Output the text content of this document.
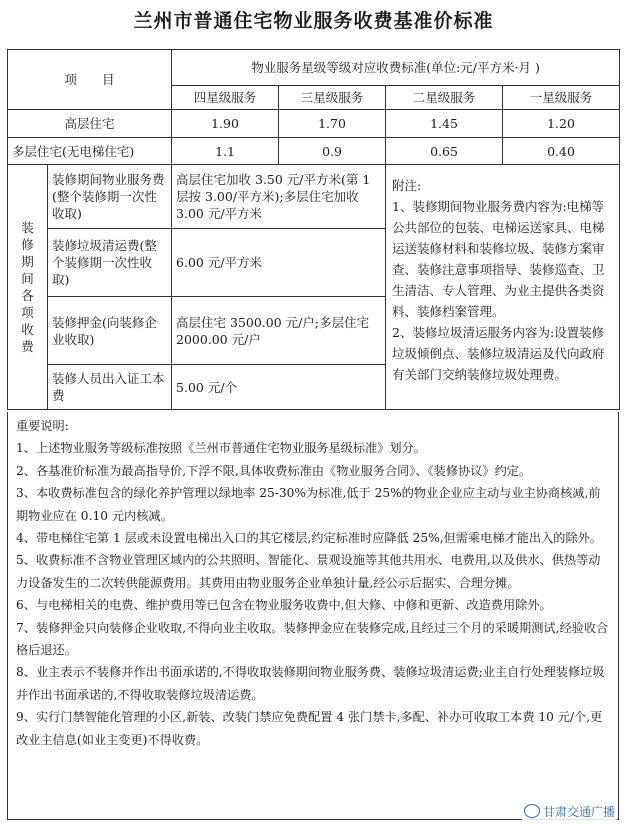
兰州市普通住宅物业服务收费基准价标准
项　　目		物业服务星级等级对应收费标准(单位:元/平方米·月 )			
		四星级服务	三星级服务	二星级服务	一星级服务
高层住宅		1.90	1.70	1.45	1.20
多层住宅(无电梯住宅)		1.1	0.9	0.65	0.40

装修期间各项收费	装修期间物业服务费(整个装修期一次性收取)	高层住宅加收 3.50 元/平方米(第 1 层按 3.00/平方米);多层住宅加收 3.00 元/平方米		附注:
1、装修期间物业服务费内容为:电梯等公共部位的包装、电梯运送家具、电梯运送装修材料和装修垃圾、装修方案审查、装修注意事项指导、装修巡查、卫生清洁、专人管理、为业主提供各类资料、装修档案管理。
2、装修垃圾清运服务内容为:设置装修垃圾倾倒点、装修垃圾清运及代向政府有关部门交纳装修垃圾处理费。	

	装修垃圾清运费(整个装修期一次性收取)	6.00 元/平方米			
	装修押金(向装修企业收取)	高层住宅 3500.00 元/户;多层住宅 2000.00 元/户			
	装修人员出入证工本费	5.00 元/个			

重要说明:

1、上述物业服务等级标准按照《兰州市普通住宅物业服务星级标准》划分。

2、各基准价标准为最高指导价,下浮不限,具体收费标准由《物业服务合同》、《装修协议》约定。

3、本收费标准包含的绿化养护管理以绿地率 25-30%为标准,低于 25%的物业企业应主动与业主协商核减,前期物业应在 0.10 元内核减。

4、带电梯住宅第 1 层或未设置电梯出入口的其它楼层,约定标准时应降低 25%,但需乘电梯才能出入的除外。

5、收费标准不含物业管理区域内的公共照明、智能化、景观设施等其他共用水、电费用,以及供水、供热等动力设备发生的二次转供能源费用。其费用由物业服务企业单独计量,经公示后据实、合理分摊。

6、与电梯相关的电费、维护费用等已包含在物业服务收费中,但大修、中修和更新、改造费用除外。

7、装修押金只向装修企业收取,不得向业主收取。装修押金应在装修完成,且经过三个月的采暖期测试,经验收合格后退还。

8、业主表示不装修并作出书面承诺的,不得收取装修期间物业服务费、装修垃圾清运费;业主自行处理装修垃圾并作出书面承诺的,不得收取装修垃圾清运费。

9、实行门禁智能化管理的小区,新装、改装门禁应免费配置 4 张门禁卡,多配、补办可收取工本费 10 元/个,更改业主信息(如业主变更)不得收费。

甘肃交通广播
